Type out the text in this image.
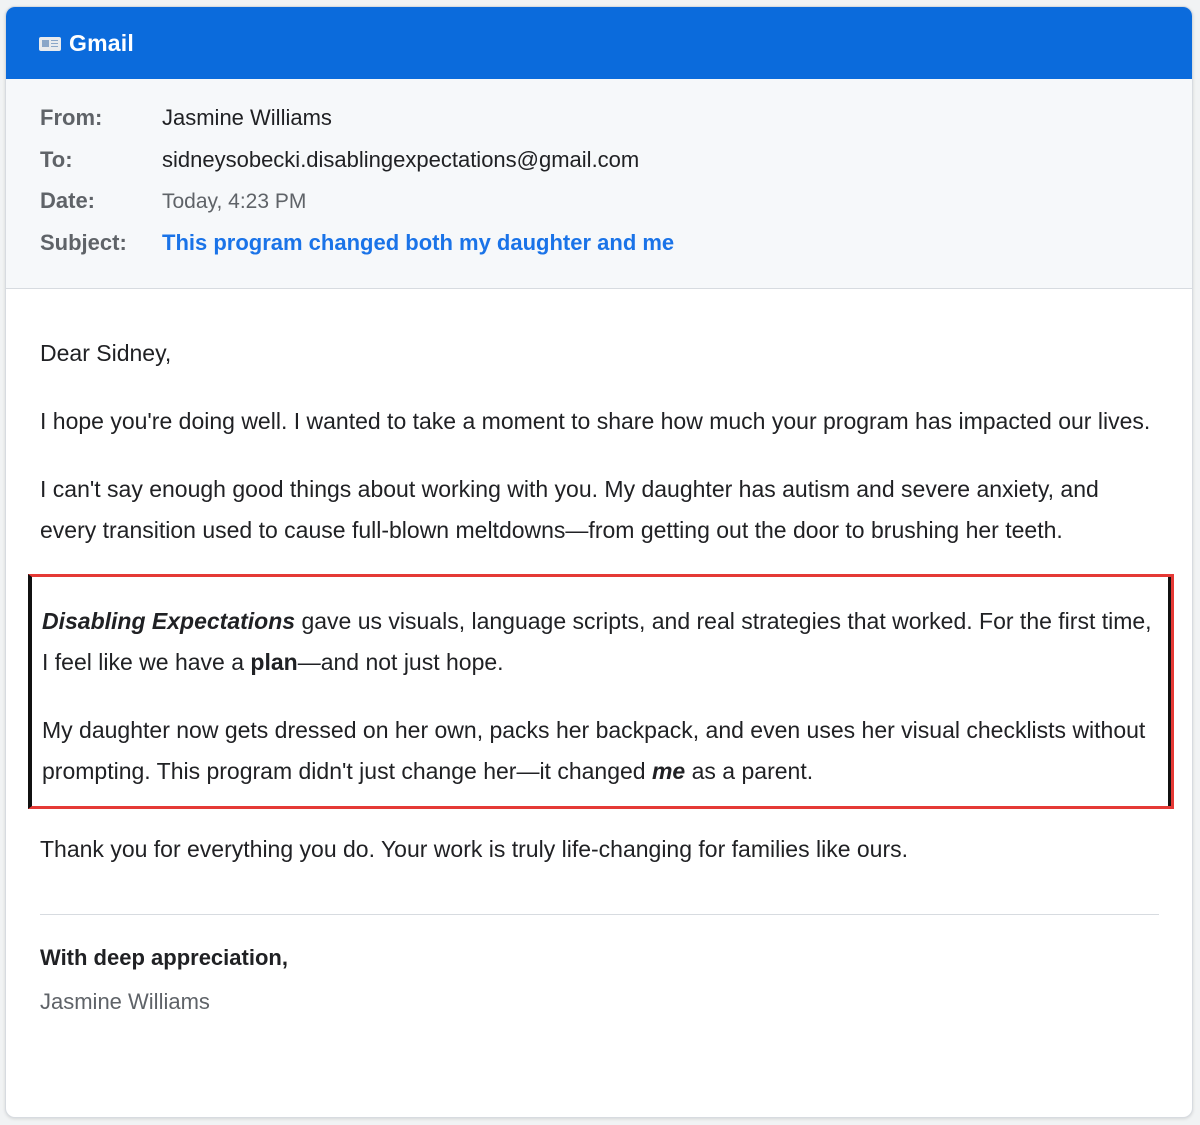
Gmail
From:	Jasmine Williams
To:	sidneysobecki.disablingexpectations@gmail.com
Date:	Today, 4:23 PM
Subject:	This program changed both my daughter and me

Dear Sidney,

I hope you're doing well. I wanted to take a moment to share how much your program has impacted our lives.

I can't say enough good things about working with you. My daughter has autism and severe anxiety, and every transition used to cause full-blown meltdowns—from getting out the door to brushing her teeth.

Disabling Expectations gave us visuals, language scripts, and real strategies that worked. For the first time, I feel like we have a plan—and not just hope.

My daughter now gets dressed on her own, packs her backpack, and even uses her visual checklists without prompting. This program didn't just change her—it changed me as a parent.

Thank you for everything you do. Your work is truly life-changing for families like ours.

With deep appreciation,
Jasmine Williams
